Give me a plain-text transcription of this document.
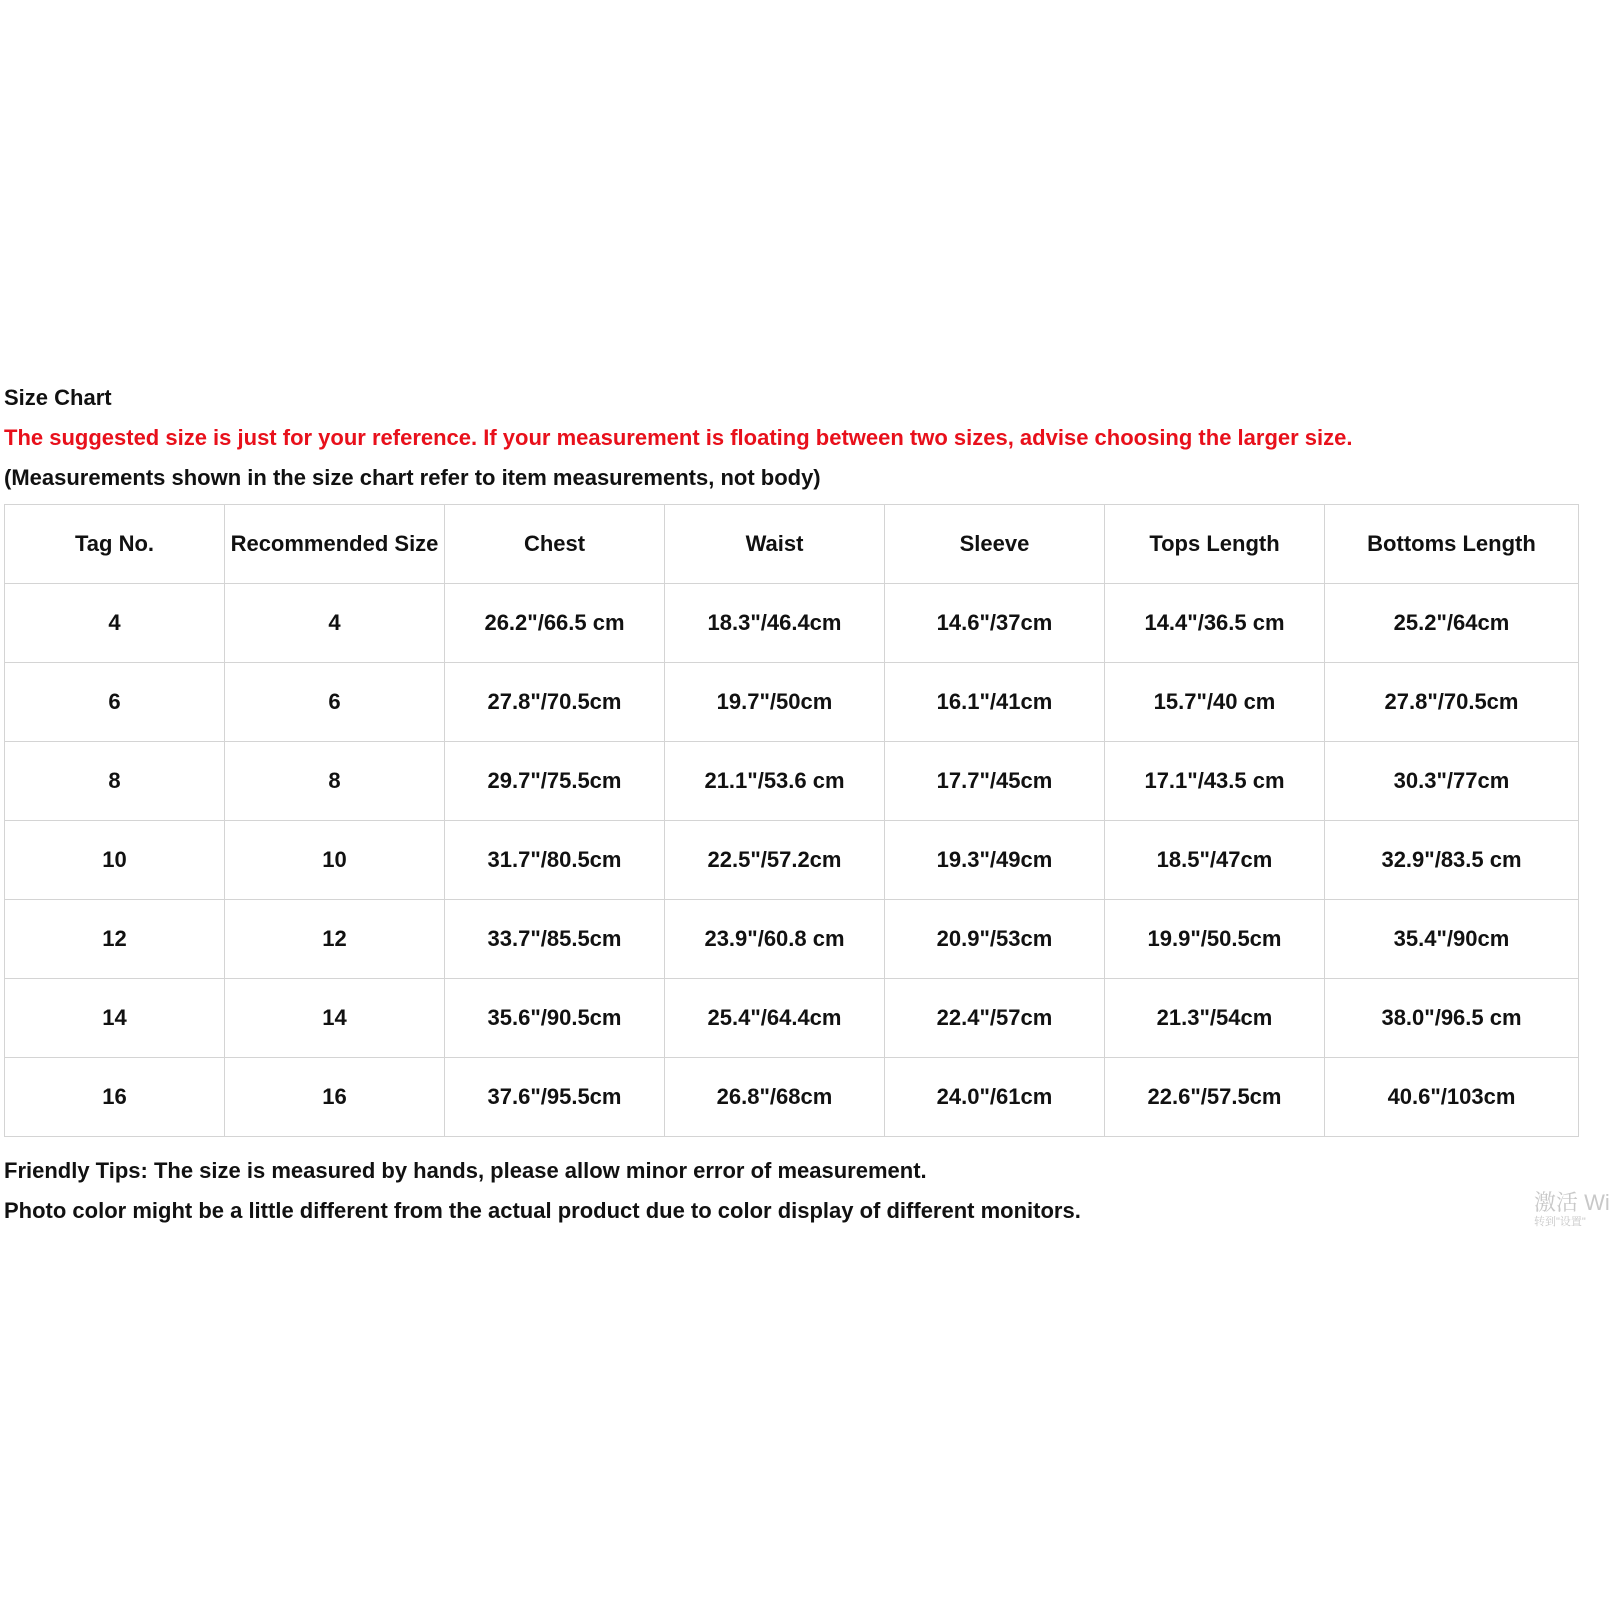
Size Chart
The suggested size is just for your reference. If your measurement is floating between two sizes, advise choosing the larger size.
(Measurements shown in the size chart refer to item measurements, not body)
Tag No.	Recommended Size	Chest	Waist	Sleeve	Tops Length	Bottoms Length
4	4	26.2"/66.5 cm	18.3"/46.4cm	14.6"/37cm	14.4"/36.5 cm	25.2"/64cm
6	6	27.8"/70.5cm	19.7"/50cm	16.1"/41cm	15.7"/40 cm	27.8"/70.5cm
8	8	29.7"/75.5cm	21.1"/53.6 cm	17.7"/45cm	17.1"/43.5 cm	30.3"/77cm
10	10	31.7"/80.5cm	22.5"/57.2cm	19.3"/49cm	18.5"/47cm	32.9"/83.5 cm
12	12	33.7"/85.5cm	23.9"/60.8 cm	20.9"/53cm	19.9"/50.5cm	35.4"/90cm
14	14	35.6"/90.5cm	25.4"/64.4cm	22.4"/57cm	21.3"/54cm	38.0"/96.5 cm
16	16	37.6"/95.5cm	26.8"/68cm	24.0"/61cm	22.6"/57.5cm	40.6"/103cm
Friendly Tips: The size is measured by hands, please allow minor error of measurement.
Photo color might be a little different from the actual product due to color display of different monitors.	激活 Wi
转到"设置"
